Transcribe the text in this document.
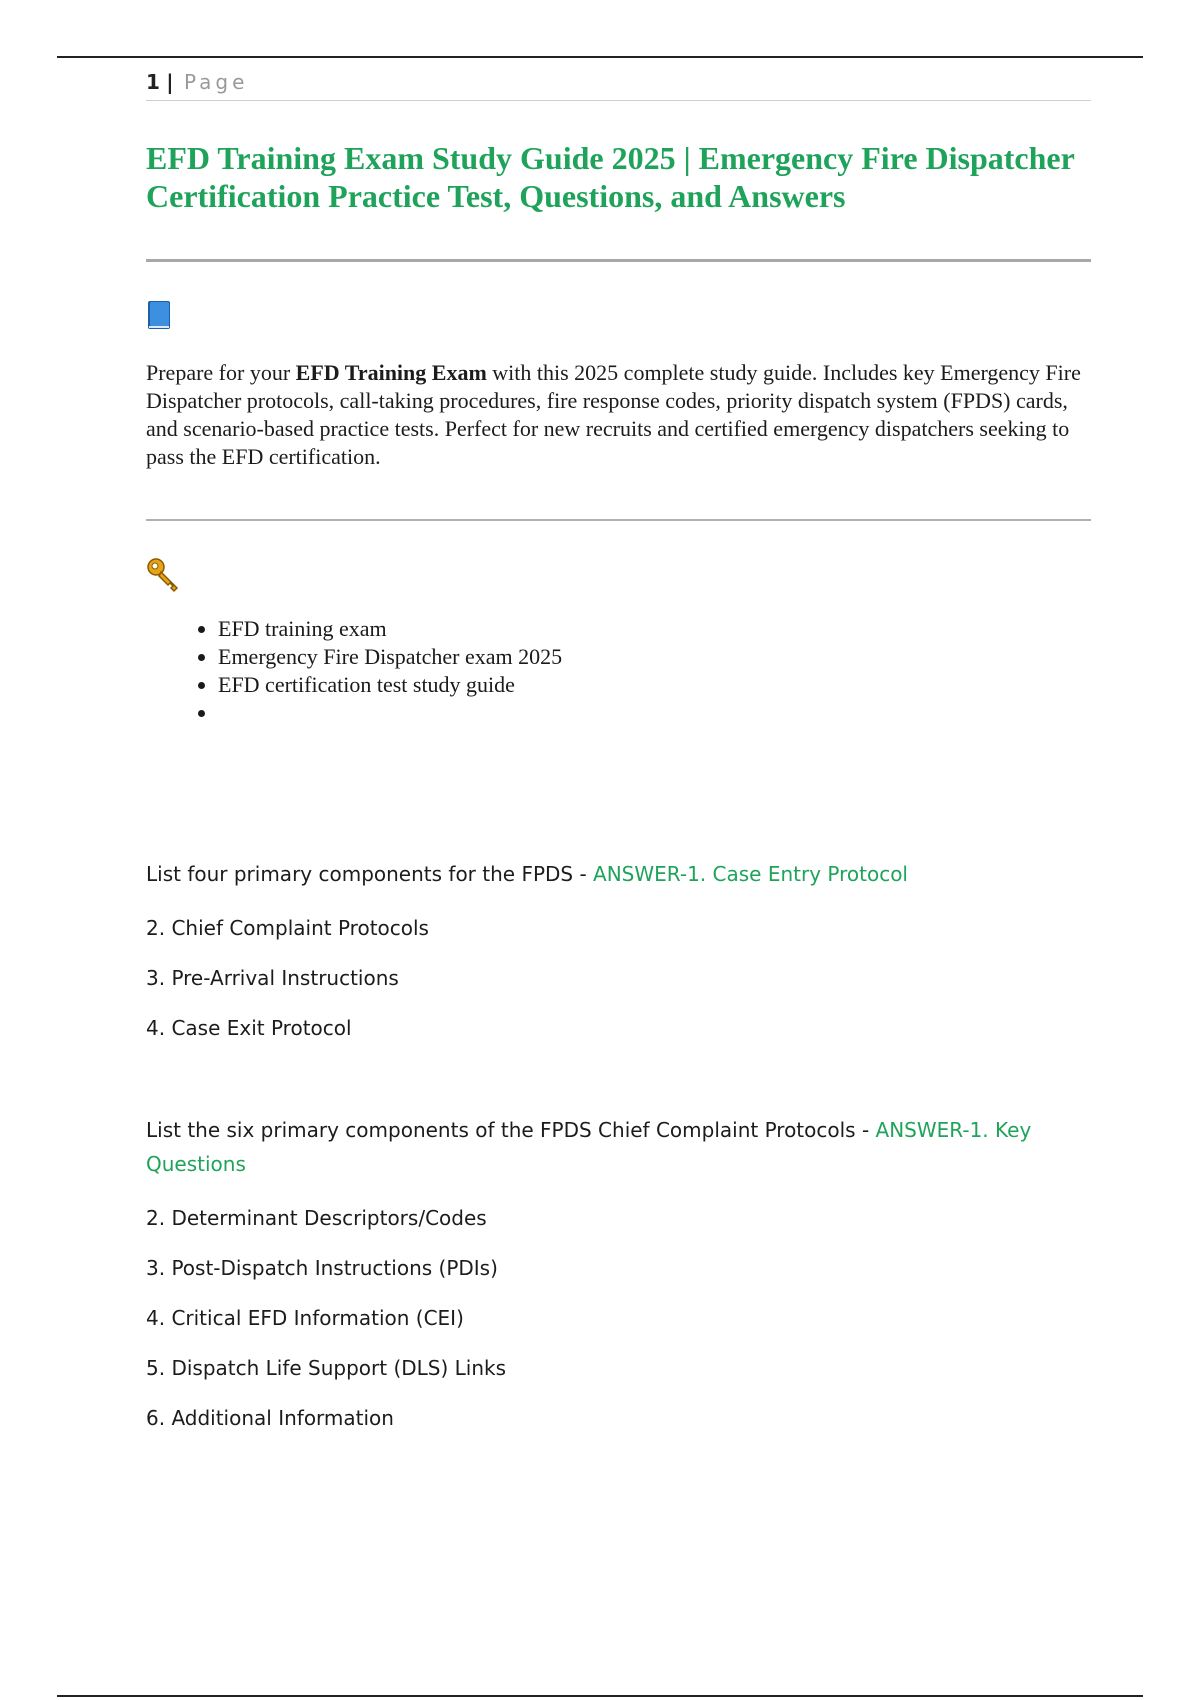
1 | Page
EFD Training Exam Study Guide 2025 | Emergency Fire Dispatcher Certification Practice Test, Questions, and Answers

Prepare for your EFD Training Exam with this 2025 complete study guide. Includes key Emergency Fire Dispatcher protocols, call-taking procedures, fire response codes, priority dispatch system (FPDS) cards, and scenario-based practice tests. Perfect for new recruits and certified emergency dispatchers seeking to pass the EFD certification.

• EFD training exam
• Emergency Fire Dispatcher exam 2025
• EFD certification test study guide
•
List four primary components for the FPDS - ANSWER-1. Case Entry Protocol
2. Chief Complaint Protocols
3. Pre-Arrival Instructions
4. Case Exit Protocol
List the six primary components of the FPDS Chief Complaint Protocols - ANSWER-1. Key Questions
2. Determinant Descriptors/Codes
3. Post-Dispatch Instructions (PDIs)
4. Critical EFD Information (CEI)
5. Dispatch Life Support (DLS) Links
6. Additional Information
